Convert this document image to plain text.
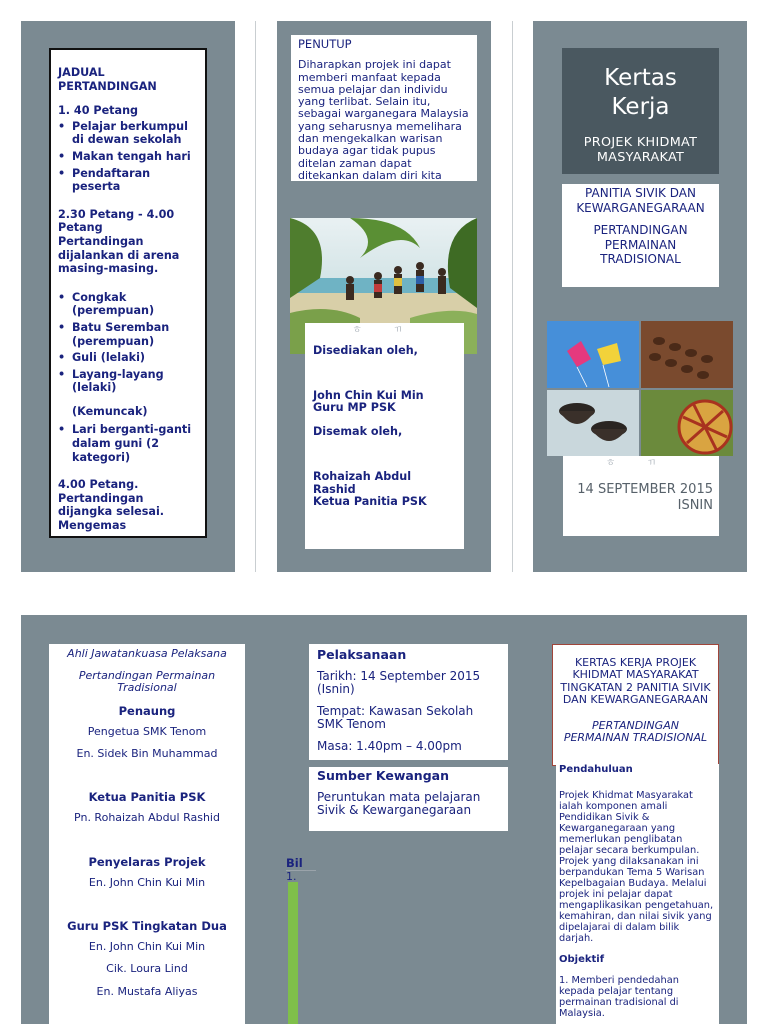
JADUAL PERTANDINGAN

1. 40 Petang

• Pelajar berkumpul di dewan sekolah
• Makan tengah hari
• Pendaftaran peserta

2.30 Petang - 4.00 Petang

Pertandingan dijalankan di arena masing-masing.

• Congkak (perempuan)
• Batu Seremban (perempuan)
• Guli (lelaki)
• Layang-layang (lelaki)

(Kemuncak)

• Lari berganti-ganti dalam guni (2 kategori)

4.00 Petang.

Pertandingan dijangka selesai. Mengemas

PENUTUP
Diharapkan projek ini dapat memberi manfaat kepada semua pelajar dan individu yang terlibat. Selain itu, sebagai warganegara Malaysia yang seharusnya memelihara dan mengekalkan warisan budaya agar tidak pupus ditelan zaman dapat ditekankan dalam diri kita
ㅎ ㄲ

Disediakan oleh,

John Chin Kui Min

Guru MP PSK

Disemak oleh,

Rohaizah Abdul Rashid

Ketua Panitia PSK

Kertas
Kerja
PROJEK KHIDMAT MASYARAKAT

PANITIA SIVIK DAN KEWARGANEGARAAN

PERTANDINGAN PERMAINAN TRADISIONAL

ㅎ ㄲ

14 SEPTEMBER 2015

ISNIN

Ahli Jawatankuasa Pelaksana

Pertandingan Permainan Tradisional

Penaung

Pengetua SMK Tenom

En. Sidek Bin Muhammad

Ketua Panitia PSK

Pn. Rohaizah Abdul Rashid

Penyelaras Projek

En. John Chin Kui Min

Guru PSK Tingkatan Dua

En. John Chin Kui Min

Cik. Loura Lind

En. Mustafa Aliyas

Pelaksanaan

Tarikh: 14 September 2015 (Isnin)

Tempat: Kawasan Sekolah SMK Tenom

Masa: 1.40pm – 4.00pm

Sumber Kewangan

Peruntukan mata pelajaran Sivik & Kewarganegaraan

Bil
1.

KERTAS KERJA PROJEK KHIDMAT MASYARAKAT TINGKATAN 2 PANITIA SIVIK DAN KEWARGANEGARAAN

PERTANDINGAN PERMAINAN TRADISIONAL

Pendahuluan

Projek Khidmat Masyarakat ialah komponen amali Pendidikan Sivik & Kewarganegaraan yang memerlukan penglibatan pelajar secara berkumpulan. Projek yang dilaksanakan ini berpandukan Tema 5 Warisan Kepelbagaian Budaya. Melalui projek ini pelajar dapat mengaplikasikan pengetahuan, kemahiran, dan nilai sivik yang dipelajarai di dalam bilik darjah.

Objektif

1. Memberi pendedahan kepada pelajar tentang permainan tradisional di Malaysia.
